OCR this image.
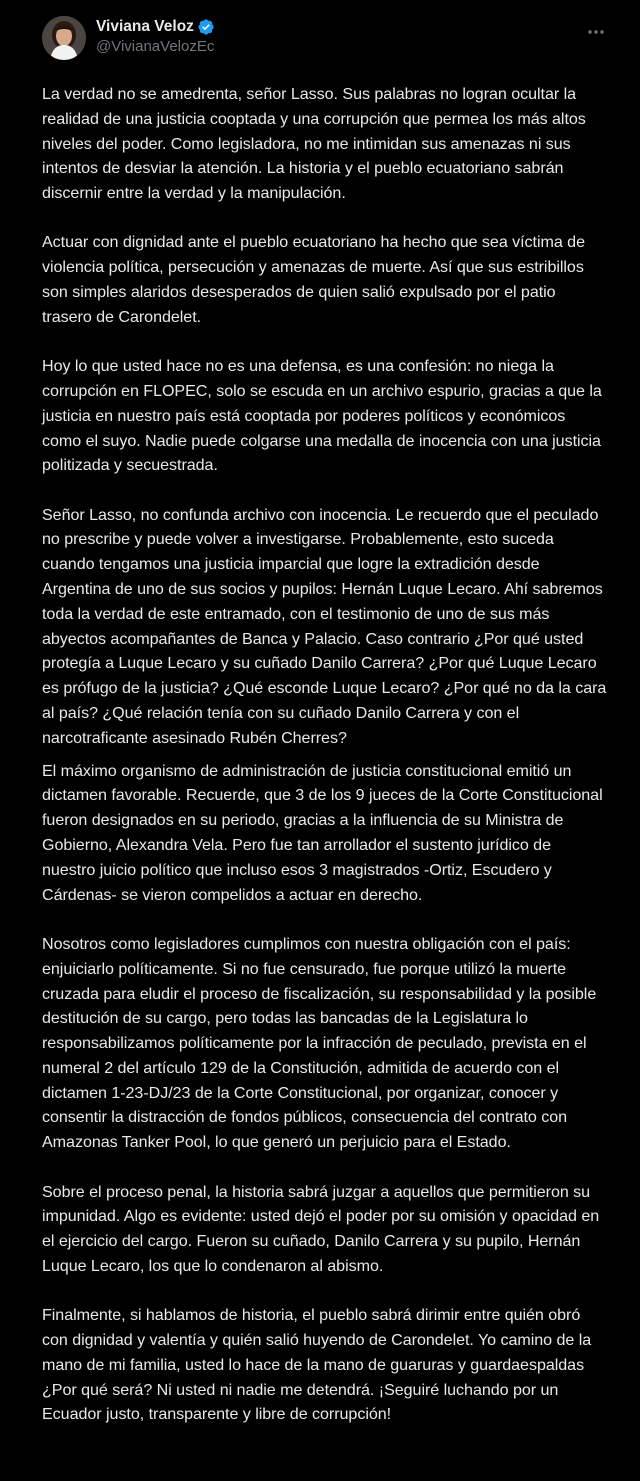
Viviana Veloz
@VivianaVelozEc

La verdad no se amedrenta, señor Lasso. Sus palabras no logran ocultar la realidad de una justicia cooptada y una corrupción que permea los más altos niveles del poder. Como legisladora, no me intimidan sus amenazas ni sus intentos de desviar la atención. La historia y el pueblo ecuatoriano sabrán discernir entre la verdad y la manipulación.

Actuar con dignidad ante el pueblo ecuatoriano ha hecho que sea víctima de violencia política, persecución y amenazas de muerte. Así que sus estribillos son simples alaridos desesperados de quien salió expulsado por el patio trasero de Carondelet.

Hoy lo que usted hace no es una defensa, es una confesión: no niega la corrupción en FLOPEC, solo se escuda en un archivo espurio, gracias a que la justicia en nuestro país está cooptada por poderes políticos y económicos como el suyo. Nadie puede colgarse una medalla de inocencia con una justicia politizada y secuestrada.

Señor Lasso, no confunda archivo con inocencia. Le recuerdo que el peculado no prescribe y puede volver a investigarse. Probablemente, esto suceda cuando tengamos una justicia imparcial que logre la extradición desde Argentina de uno de sus socios y pupilos: Hernán Luque Lecaro. Ahí sabremos toda la verdad de este entramado, con el testimonio de uno de sus más abyectos acompañantes de Banca y Palacio. Caso contrario ¿Por qué usted protegía a Luque Lecaro y su cuñado Danilo Carrera? ¿Por qué Luque Lecaro es prófugo de la justicia? ¿Qué esconde Luque Lecaro? ¿Por qué no da la cara al país? ¿Qué relación tenía con su cuñado Danilo Carrera y con el narcotraficante asesinado Rubén Cherres?

El máximo organismo de administración de justicia constitucional emitió un dictamen favorable. Recuerde, que 3 de los 9 jueces de la Corte Constitucional fueron designados en su periodo, gracias a la influencia de su Ministra de Gobierno, Alexandra Vela. Pero fue tan arrollador el sustento jurídico de nuestro juicio político que incluso esos 3 magistrados -Ortiz, Escudero y Cárdenas- se vieron compelidos a actuar en derecho.

Nosotros como legisladores cumplimos con nuestra obligación con el país: enjuiciarlo políticamente. Si no fue censurado, fue porque utilizó la muerte cruzada para eludir el proceso de fiscalización, su responsabilidad y la posible destitución de su cargo, pero todas las bancadas de la Legislatura lo responsabilizamos políticamente por la infracción de peculado, prevista en el numeral 2 del artículo 129 de la Constitución, admitida de acuerdo con el dictamen 1-23-DJ/23 de la Corte Constitucional, por organizar, conocer y consentir la distracción de fondos públicos, consecuencia del contrato con Amazonas Tanker Pool, lo que generó un perjuicio para el Estado.

Sobre el proceso penal, la historia sabrá juzgar a aquellos que permitieron su impunidad. Algo es evidente: usted dejó el poder por su omisión y opacidad en el ejercicio del cargo. Fueron su cuñado, Danilo Carrera y su pupilo, Hernán Luque Lecaro, los que lo condenaron al abismo.

Finalmente, si hablamos de historia, el pueblo sabrá dirimir entre quién obró con dignidad y valentía y quién salió huyendo de Carondelet. Yo camino de la mano de mi familia, usted lo hace de la mano de guaruras y guardaespaldas ¿Por qué será? Ni usted ni nadie me detendrá. ¡Seguiré luchando por un Ecuador justo, transparente y libre de corrupción!
